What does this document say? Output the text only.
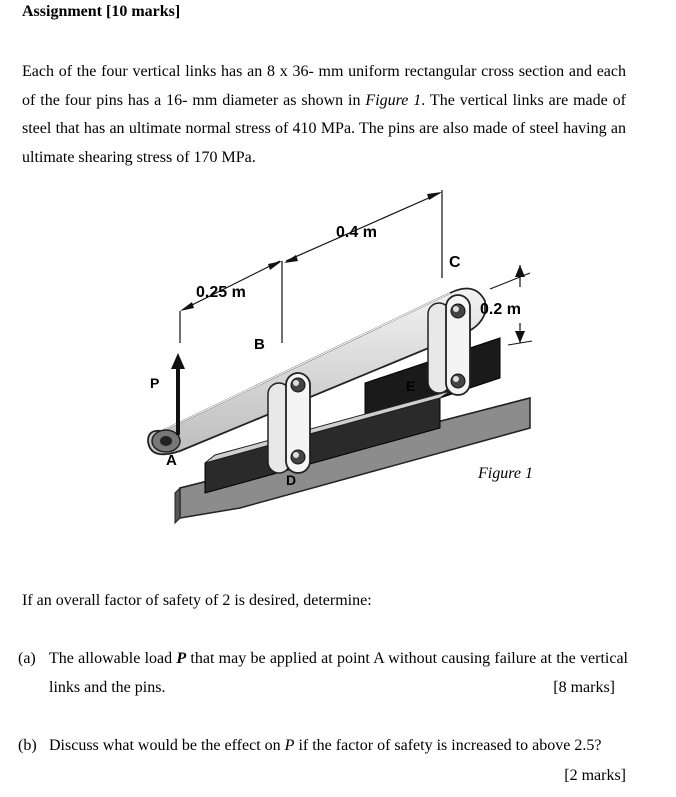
Assignment [10 marks]
Each of the four vertical links has an 8 x 36- mm uniform rectangular cross section and each of the four pins has a 16- mm diameter as shown in Figure 1. The vertical links are made of steel that has an ultimate normal stress of 410 MPa. The pins are also made of steel having an ultimate shearing stress of 170 MPa.
0.4 m
0.25 m
0.2 m
C
B
P
A
D
E
Figure 1
If an overall factor of safety of 2 is desired, determine:
(a) The allowable load P that may be applied at point A without causing failure at the vertical links and the pins.	[8 marks]
(b) Discuss what would be the effect on P if the factor of safety is increased to above 2.5?
[2 marks]
